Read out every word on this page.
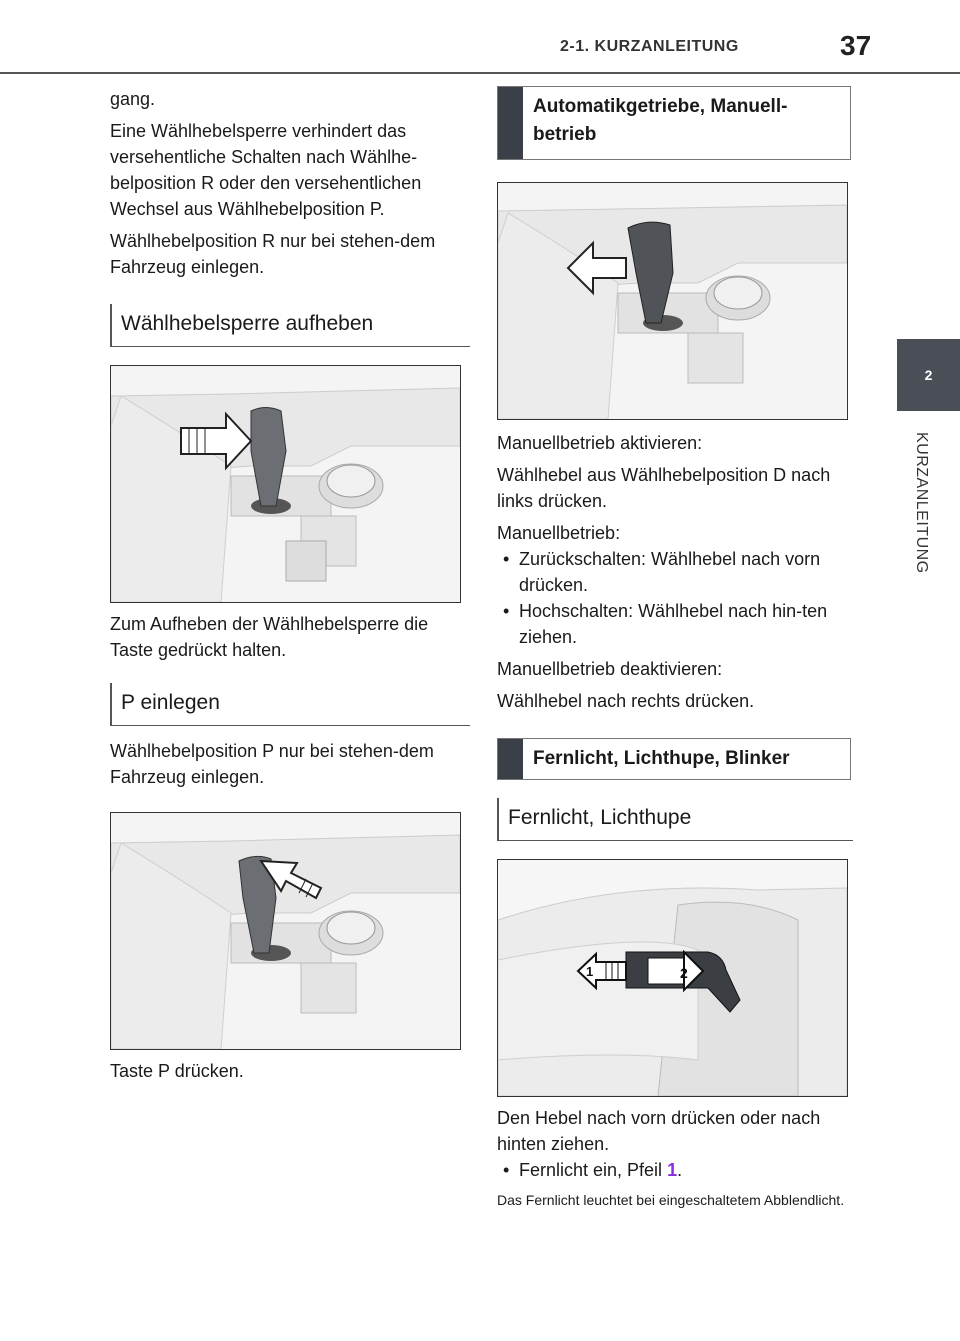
2-1. KURZANLEITUNG	37
2
KURZANLEITUNG

gang.

Eine Wählhebelsperre verhindert das versehentliche Schalten nach Wählhe-belposition R oder den versehentlichen Wechsel aus Wählhebelposition P.

Wählhebelposition R nur bei stehen-dem Fahrzeug einlegen.

Wählhebelsperre aufheben

Zum Aufheben der Wählhebelsperre die Taste gedrückt halten.

P einlegen

Wählhebelposition P nur bei stehen-dem Fahrzeug einlegen.

Taste P drücken.

Automatikgetriebe, Manuell-betrieb

Manuellbetrieb aktivieren:

Wählhebel aus Wählhebelposition D nach links drücken.

Manuellbetrieb:

• Zurückschalten: Wählhebel nach vorn drücken.
• Hochschalten: Wählhebel nach hin-ten ziehen.

Manuellbetrieb deaktivieren:

Wählhebel nach rechts drücken.

Fernlicht, Lichthupe, Blinker
Fernlicht, Lichthupe
2
1

Den Hebel nach vorn drücken oder nach hinten ziehen.

• Fernlicht ein, Pfeil 1.

Das Fernlicht leuchtet bei eingeschaltetem Abblendlicht.
